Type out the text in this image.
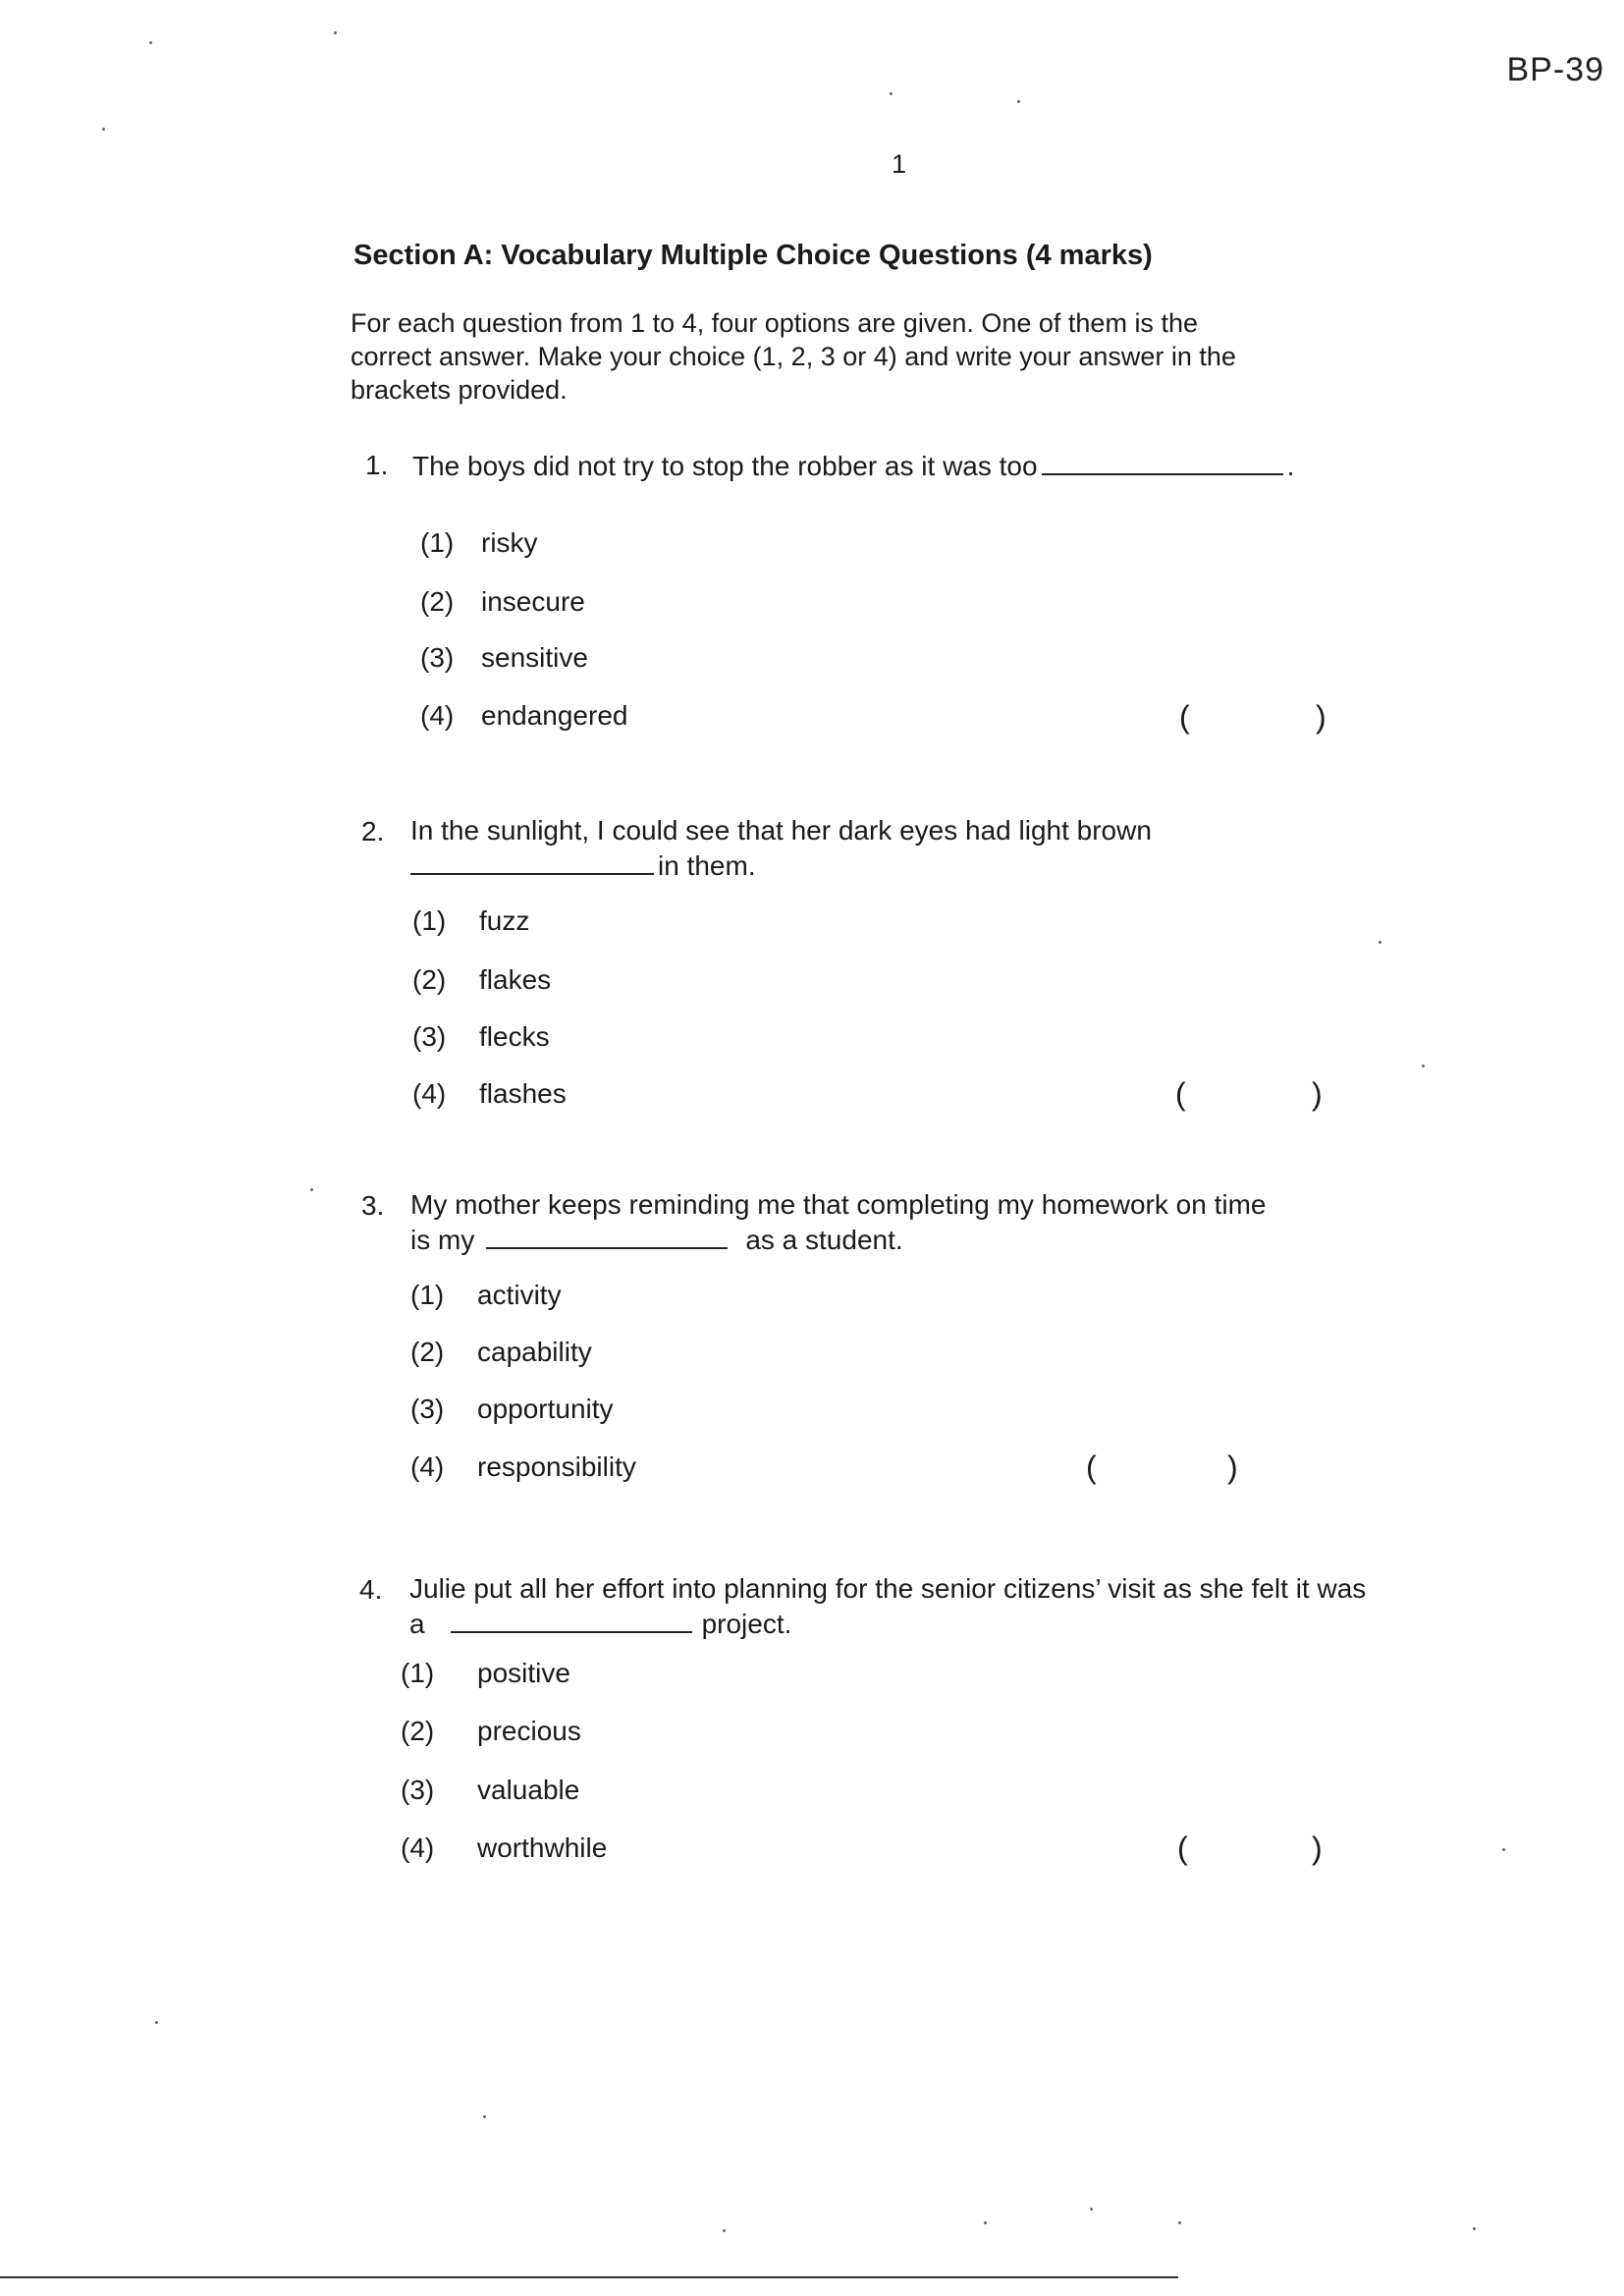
BP-39
1
Section A: Vocabulary Multiple Choice Questions (4 marks)
For each question from 1 to 4, four options are given. One of them is the
correct answer. Make your choice (1, 2, 3 or 4) and write your answer in the
brackets provided.
1. The boys did not try to stop the robber as it was too	.
(1) risky
(2) insecure
(3) sensitive
(4) endangered	(	)
2. In the sunlight, I could see that her dark eyes had light brown
in them.
(1) fuzz
(2) flakes
(3) flecks
(4) flashes	(	)
3. My mother keeps reminding me that completing my homework on time
is my	as a student.
(1) activity
(2) capability
(3) opportunity
(4) responsibility	(	)
4. Julie put all her effort into planning for the senior citizens’ visit as she felt it was
a	project.
(1) positive
(2) precious
(3) valuable
(4) worthwhile	(	)
